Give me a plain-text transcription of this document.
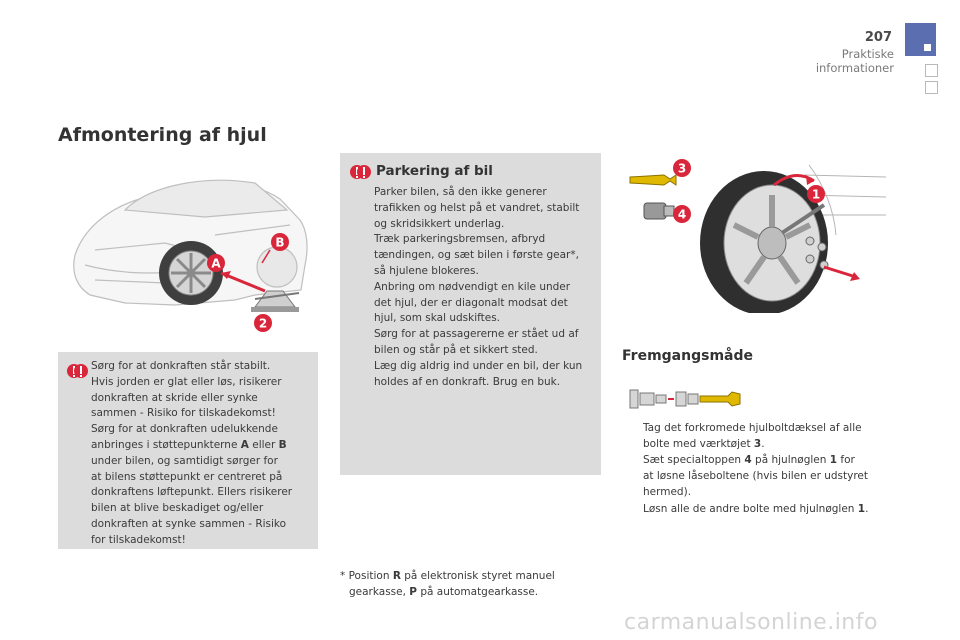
207
Praktiske informationer
Afmontering af hjul
B
A
2
Sørg for at donkraften står stabilt.
Hvis jorden er glat eller løs, risikerer
donkraften at skride eller synke
sammen - Risiko for tilskadekomst!
Sørg for at donkraften udelukkende
anbringes i støttepunkterne A eller B
under bilen, og samtidigt sørger for
at bilens støttepunkt er centreret på
donkraftens løftepunkt. Ellers risikerer
bilen at blive beskadiget og/eller
donkraften at synke sammen - Risiko
for tilskadekomst!
Parkering af bil
Parker bilen, så den ikke generer
trafikken og helst på et vandret, stabilt
og skridsikkert underlag.
Træk parkeringsbremsen, afbryd
tændingen, og sæt bilen i første gear*,
så hjulene blokeres.
Anbring om nødvendigt en kile under
det hjul, der er diagonalt modsat det
hjul, som skal udskiftes.
Sørg for at passagererne er stået ud af
bilen og står på et sikkert sted.
Læg dig aldrig ind under en bil, der kun
holdes af en donkraft. Brug en buk.
3
1
4
Fremgangsmåde
Tag det forkromede hjulboltdæksel af alle
bolte med værktøjet 3.
Sæt specialtoppen 4 på hjulnøglen 1 for
at løsne låseboltene (hvis bilen er udstyret
hermed).
Løsn alle de andre bolte med hjulnøglen 1.
* Position R på elektronisk styret manuel
gearkasse, P på automatgearkasse.
carmanualsonline.info
